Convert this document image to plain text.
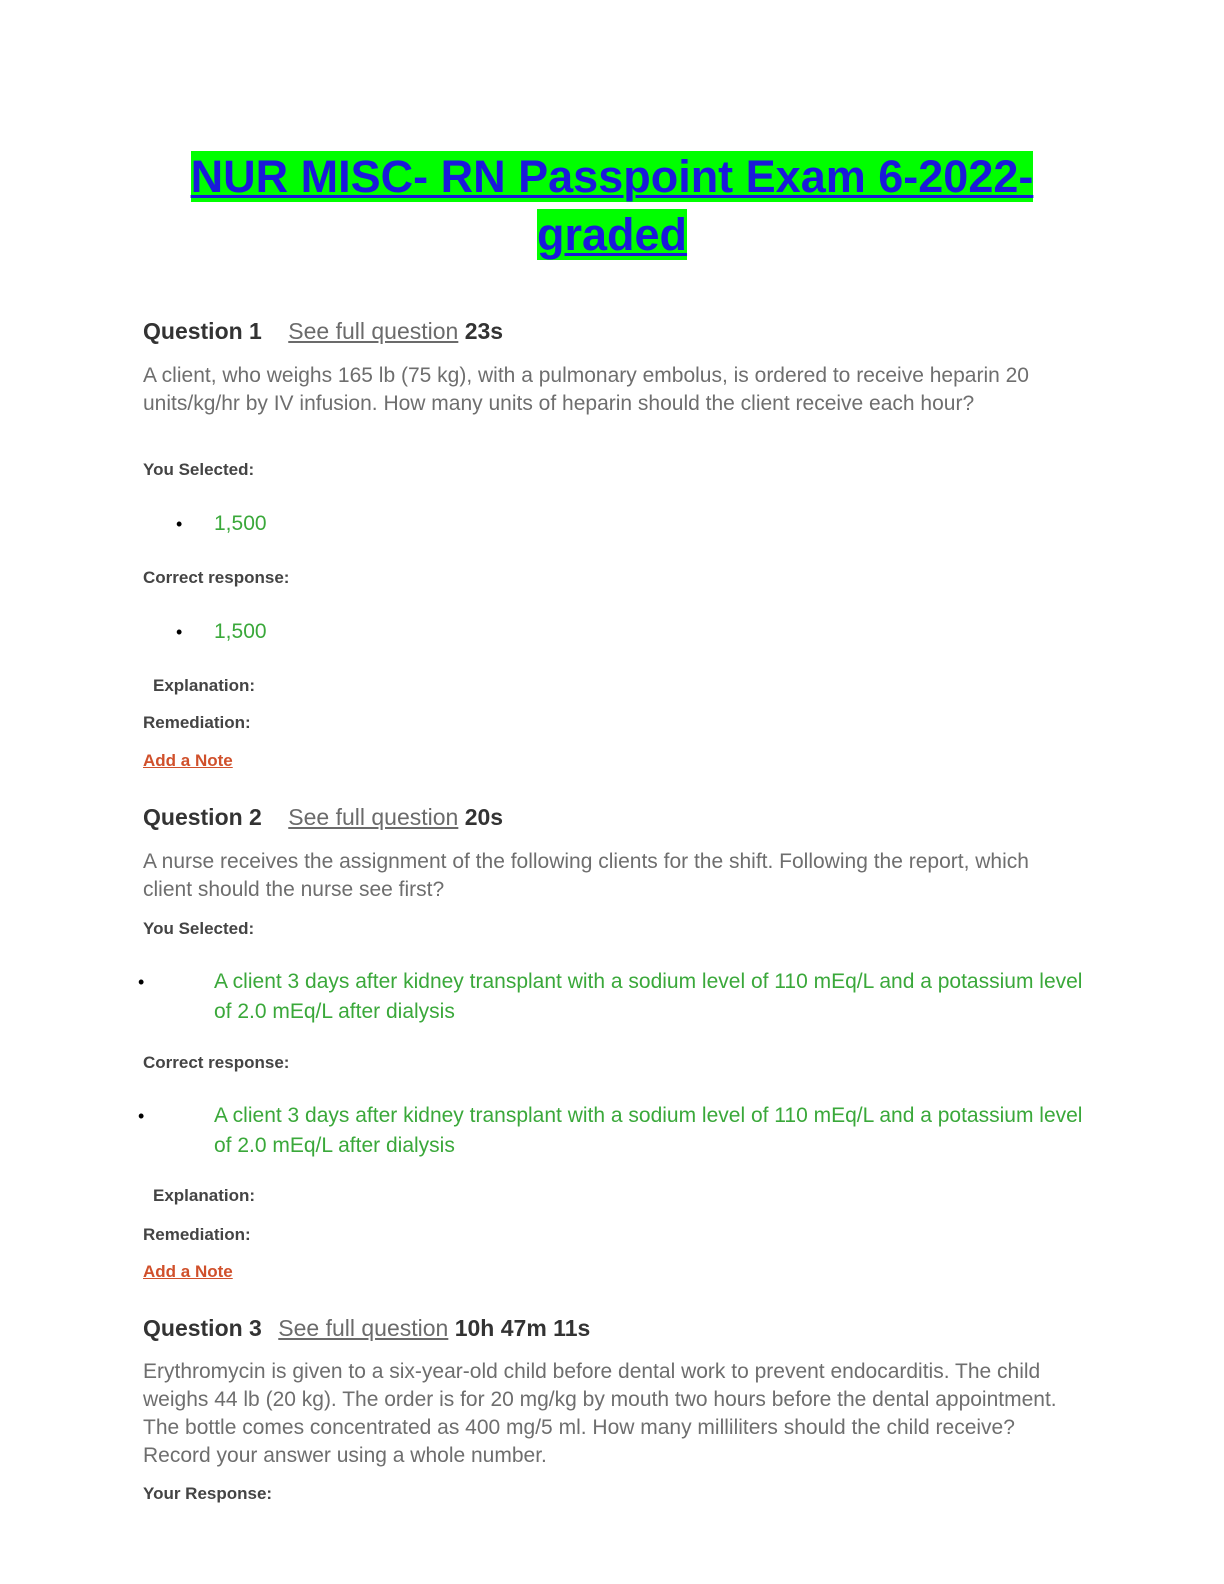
NUR MISC- RN Passpoint Exam 6-2022-
graded
Question 1 See full question 23s
A client, who weighs 165 lb (75 kg), with a pulmonary embolus, is ordered to receive heparin 20 units/kg/hr by IV infusion. How many units of heparin should the client receive each hour?
You Selected:
• 1,500
Correct response:
• 1,500
Explanation:
Remediation:
Add a Note
Question 2 See full question 20s
A nurse receives the assignment of the following clients for the shift. Following the report, which client should the nurse see first?
You Selected:
•	A client 3 days after kidney transplant with a sodium level of 110 mEq/L and a potassium level of 2.0 mEq/L after dialysis
Correct response:
•	A client 3 days after kidney transplant with a sodium level of 110 mEq/L and a potassium level of 2.0 mEq/L after dialysis
Explanation:
Remediation:
Add a Note
Question 3 See full question 10h 47m 11s
Erythromycin is given to a six-year-old child before dental work to prevent endocarditis. The child weighs 44 lb (20 kg). The order is for 20 mg/kg by mouth two hours before the dental appointment. The bottle comes concentrated as 400 mg/5 ml. How many milliliters should the child receive? Record your answer using a whole number.
Your Response:
